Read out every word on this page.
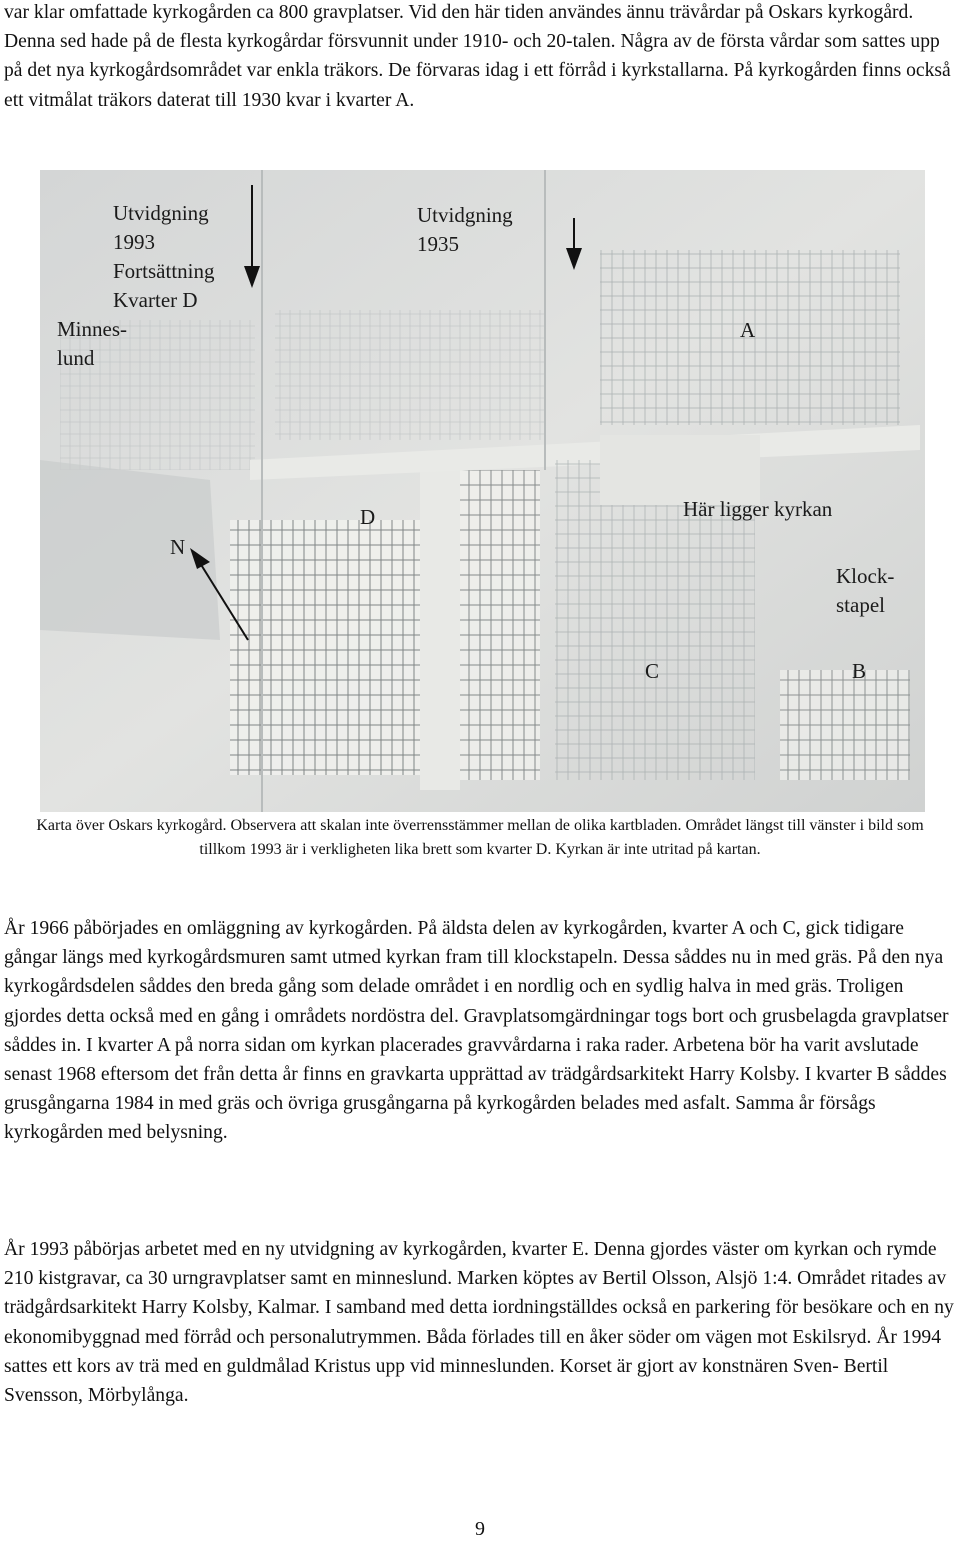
var klar omfattade kyrkogården ca 800 gravplatser. Vid den här tiden användes ännu trävårdar på Oskars kyrkogård. Denna sed hade på de flesta kyrkogårdar försvunnit under 1910- och 20-talen. Några av de första vårdar som sattes upp på det nya kyrkogårdsområdet var enkla träkors. De förvaras idag i ett förråd i kyrkstallarna. På kyrkogården finns också ett vitmålat träkors daterat till 1930 kvar i kvarter A.
Utvidgning
1993
Fortsättning
Kvarter D
Minnes-
lund
Utvidgning
1935
A
D
N
Här ligger kyrkan
Klock-
stapel
C	B
Karta över Oskars kyrkogård. Observera att skalan inte överrensstämmer mellan de olika kartbladen. Området längst till vänster i bild som tillkom 1993 är i verkligheten lika brett som kvarter D. Kyrkan är inte utritad på kartan.
År 1966 påbörjades en omläggning av kyrkogården. På äldsta delen av kyrkogården, kvarter A och C, gick tidigare gångar längs med kyrkogårdsmuren samt utmed kyrkan fram till klockstapeln. Dessa såddes nu in med gräs. På den nya kyrkogårdsdelen såddes den breda gång som delade området i en nordlig och en sydlig halva in med gräs. Troligen gjordes detta också med en gång i områdets nordöstra del. Gravplatsomgärdningar togs bort och grusbelagda gravplatser såddes in. I kvarter A på norra sidan om kyrkan placerades gravvårdarna i raka rader. Arbetena bör ha varit avslutade senast 1968 eftersom det från detta år finns en gravkarta upprättad av trädgårdsarkitekt Harry Kolsby. I kvarter B såddes grusgångarna 1984 in med gräs och övriga grusgångarna på kyrkogården belades med asfalt. Samma år försågs kyrkogården med belysning.
År 1993 påbörjas arbetet med en ny utvidgning av kyrkogården, kvarter E. Denna gjordes väster om kyrkan och rymde 210 kistgravar, ca 30 urngravplatser samt en minneslund. Marken köptes av Bertil Olsson, Alsjö 1:4. Området ritades av trädgårdsarkitekt Harry Kolsby, Kalmar. I samband med detta iordningställdes också en parkering för besökare och en ny ekonomibyggnad med förråd och personalutrymmen. Båda förlades till en åker söder om vägen mot Eskilsryd. År 1994 sattes ett kors av trä med en guldmålad Kristus upp vid minneslunden. Korset är gjort av konstnären Sven- Bertil Svensson, Mörbylånga.
9
